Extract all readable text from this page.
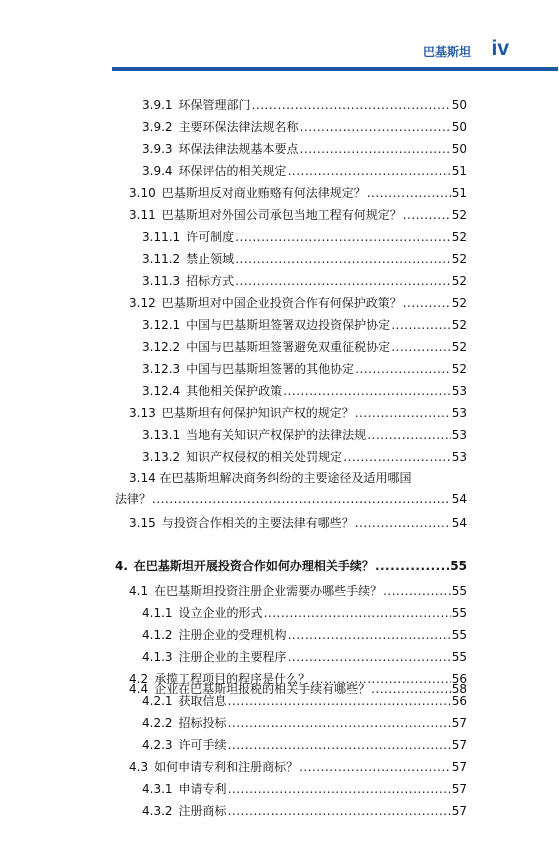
巴基斯坦 iv
3.9.1 环保管理部门 .....	50
3.9.2 主要环保法律法规名称 .....	50
3.9.3 环保法律法规基本要点 .....	50
3.9.4 环保评估的相关规定 .....	51
3.10 巴基斯坦反对商业贿赂有何法律规定？ .....	51
3.11 巴基斯坦对外国公司承包当地工程有何规定？ .....	52
3.11.1 许可制度 .....	52
3.11.2 禁止领域 .....	52
3.11.3 招标方式 .....	52
3.12 巴基斯坦对中国企业投资合作有何保护政策？ .....	52
3.12.1 中国与巴基斯坦签署双边投资保护协定 .....	52
3.12.2 中国与巴基斯坦签署避免双重征税协定 .....	52
3.12.3 中国与巴基斯坦签署的其他协定 .....	52
3.12.4 其他相关保护政策 .....	53
3.13 巴基斯坦有何保护知识产权的规定？ .....	53
3.13.1 当地有关知识产权保护的法律法规 .....	53
3.13.2 知识产权侵权的相关处罚规定 .....	53
3.14 在巴基斯坦解决商务纠纷的主要途径及适用哪国
法律？ .....	54
3.15 与投资合作相关的主要法律有哪些？ .....	54
4. 在巴基斯坦开展投资合作如何办理相关手续？ .....	55
4.1 在巴基斯坦投资注册企业需要办哪些手续？ .....	55
4.1.1 设立企业的形式 .....	55
4.1.2 注册企业的受理机构 .....	55
4.1.3 注册企业的主要程序 .....	55
4.2 承揽工程项目的程序是什么？ .....	56
4.2.1 获取信息 .....	56
4.2.2 招标投标 .....	57
4.2.3 许可手续 .....	57
4.3 如何申请专利和注册商标？ .....	57
4.3.1 申请专利 .....	57
4.3.2 注册商标 .....	57
4.4 企业在巴基斯坦报税的相关手续有哪些？ .....	58
